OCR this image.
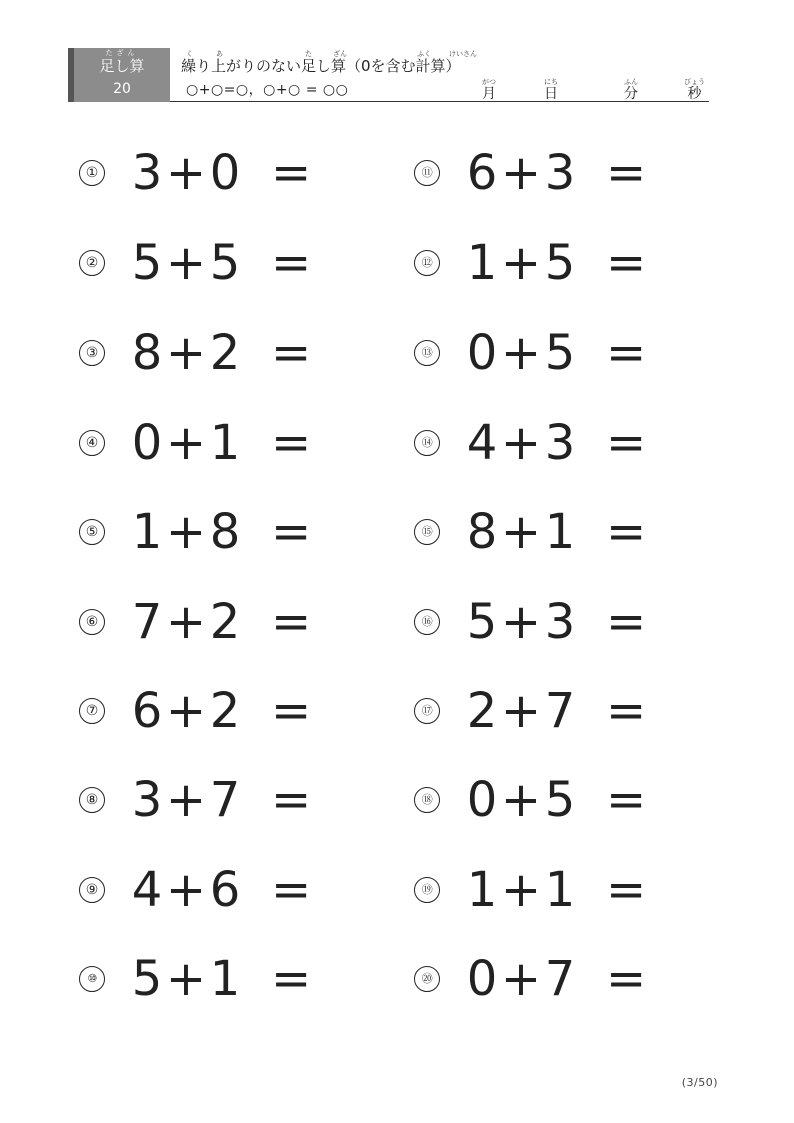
たざん
足し算
20
く	あ	た	ざん	ふく	けいさん
繰り上がりのない足し算（0を含む計算）
○+○=○，○+○ = ○○	がつ
月
にち
日
ふん
分
びょう
秒
① 3 + 0 =
② 5 + 5 =
③ 8 + 2 =
④ 0 + 1 =
⑤ 1 + 8 =
⑥ 7 + 2 =
⑦ 6 + 2 =
⑧ 3 + 7 =
⑨ 4 + 6 =
⑩ 5 + 1 =
⑪ 6 + 3 =
⑫ 1 + 5 =
⑬ 0 + 5 =
⑭ 4 + 3 =
⑮ 8 + 1 =
⑯ 5 + 3 =
⑰ 2 + 7 =
⑱ 0 + 5 =
⑲ 1 + 1 =
⑳ 0 + 7 =
(3/50)
